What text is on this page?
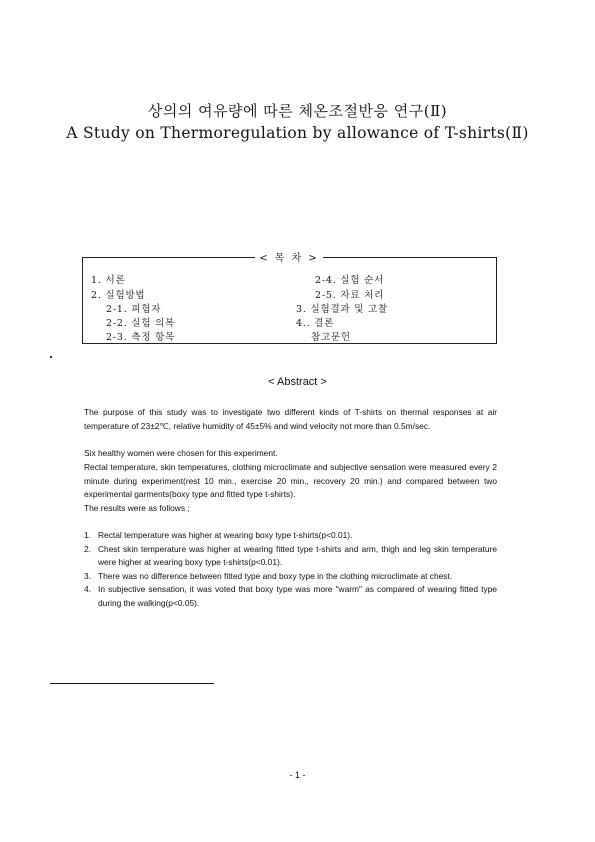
상의의 여유량에 따른 체온조절반응 연구(Ⅱ)
A Study on Thermoregulation by allowance of T-shirts(Ⅱ)
< 목 차 >
1. 서론
2. 실험방법
2-1. 피험자
2-2. 실험 의복
2-3. 측정 항목
2-4. 실험 순서
2-5. 자료 처리
3. 실험결과 및 고찰
4.. 결론
참고문헌
< Abstract >
The purpose of this study was to investigate two different kinds of T-shirts on thermal responses at air temperature of 23±2℃, relative humidity of 45±5% and wind velocity not more than 0.5m/sec.
Six healthy women were chosen for this experiment.
Rectal temperature, skin temperatures, clothing microclimate and subjective sensation were measured every 2 minute during experiment(rest 10 min., exercise 20 min., recovery 20 min.) and compared between two experimental garments(boxy type and fitted type t-shirts).
The results were as follows ;
1. Rectal temperature was higher at wearing boxy type t-shirts(p<0.01).
2. Chest skin temperature was higher at wearing fitted type t-shirts and arm, thigh and leg skin temperature were higher at wearing boxy type t-shirts(p<0.01).
3. There was no difference between fitted type and boxy type in the clothing microclimate at chest.
4. In subjective sensation, it was voted that boxy type was more "warm" as compared of wearing fitted type during the walking(p<0.05).
- 1 -
